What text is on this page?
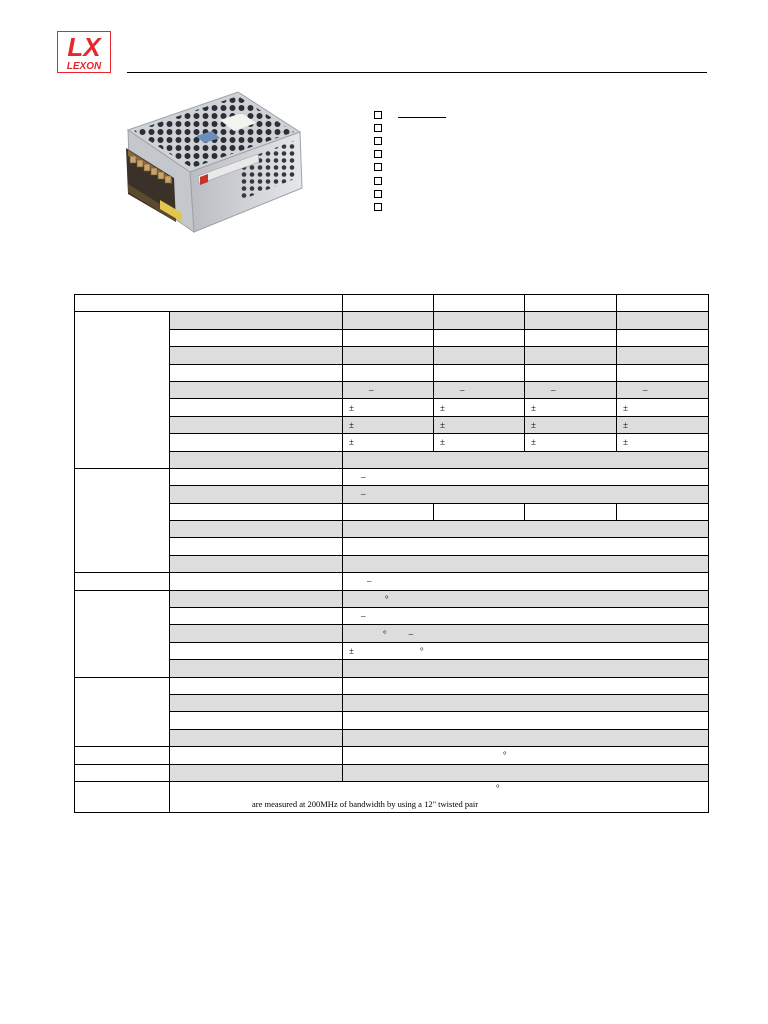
LX
LEXON

		–	–	–	–
		±	±	±	±
		±	±	±	±
		±	±	±	±

		–			
		–			

		–			
		°			
		–			
		° –			
		± °			

		°			

	°
are measured at 200MHz of bandwidth by using a 12" twisted pair				
